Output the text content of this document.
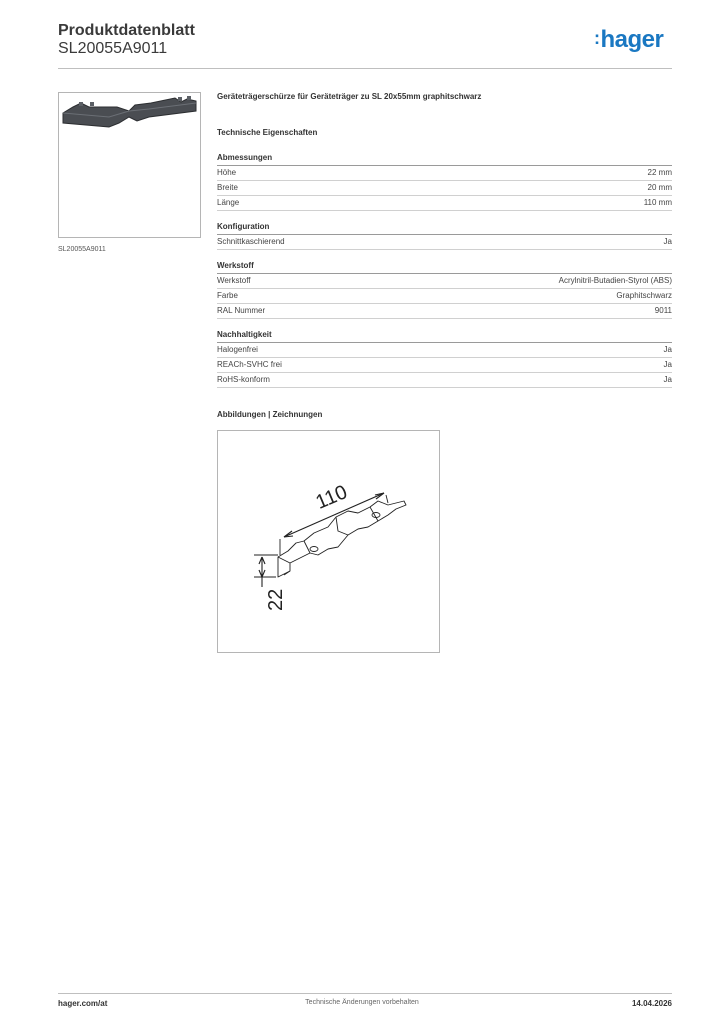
Produktdatenblatt
SL20055A9011
:hager
SL20055A9011
Geräteträgerschürze für Geräteträger zu SL 20x55mm graphitschwarz
Technische Eigenschaften
Abmessungen
Höhe	22 mm
Breite	20 mm
Länge	110 mm
Konfiguration
Schnittkaschierend	Ja
Werkstoff
Werkstoff	Acrylnitril-Butadien-Styrol (ABS)
Farbe	Graphitschwarz
RAL Nummer	9011
Nachhaltigkeit
Halogenfrei	Ja
REACh-SVHC frei	Ja
RoHS-konform	Ja
Abbildungen | Zeichnungen
110
22
hager.com/at	Technische Änderungen vorbehalten	14.04.2026
